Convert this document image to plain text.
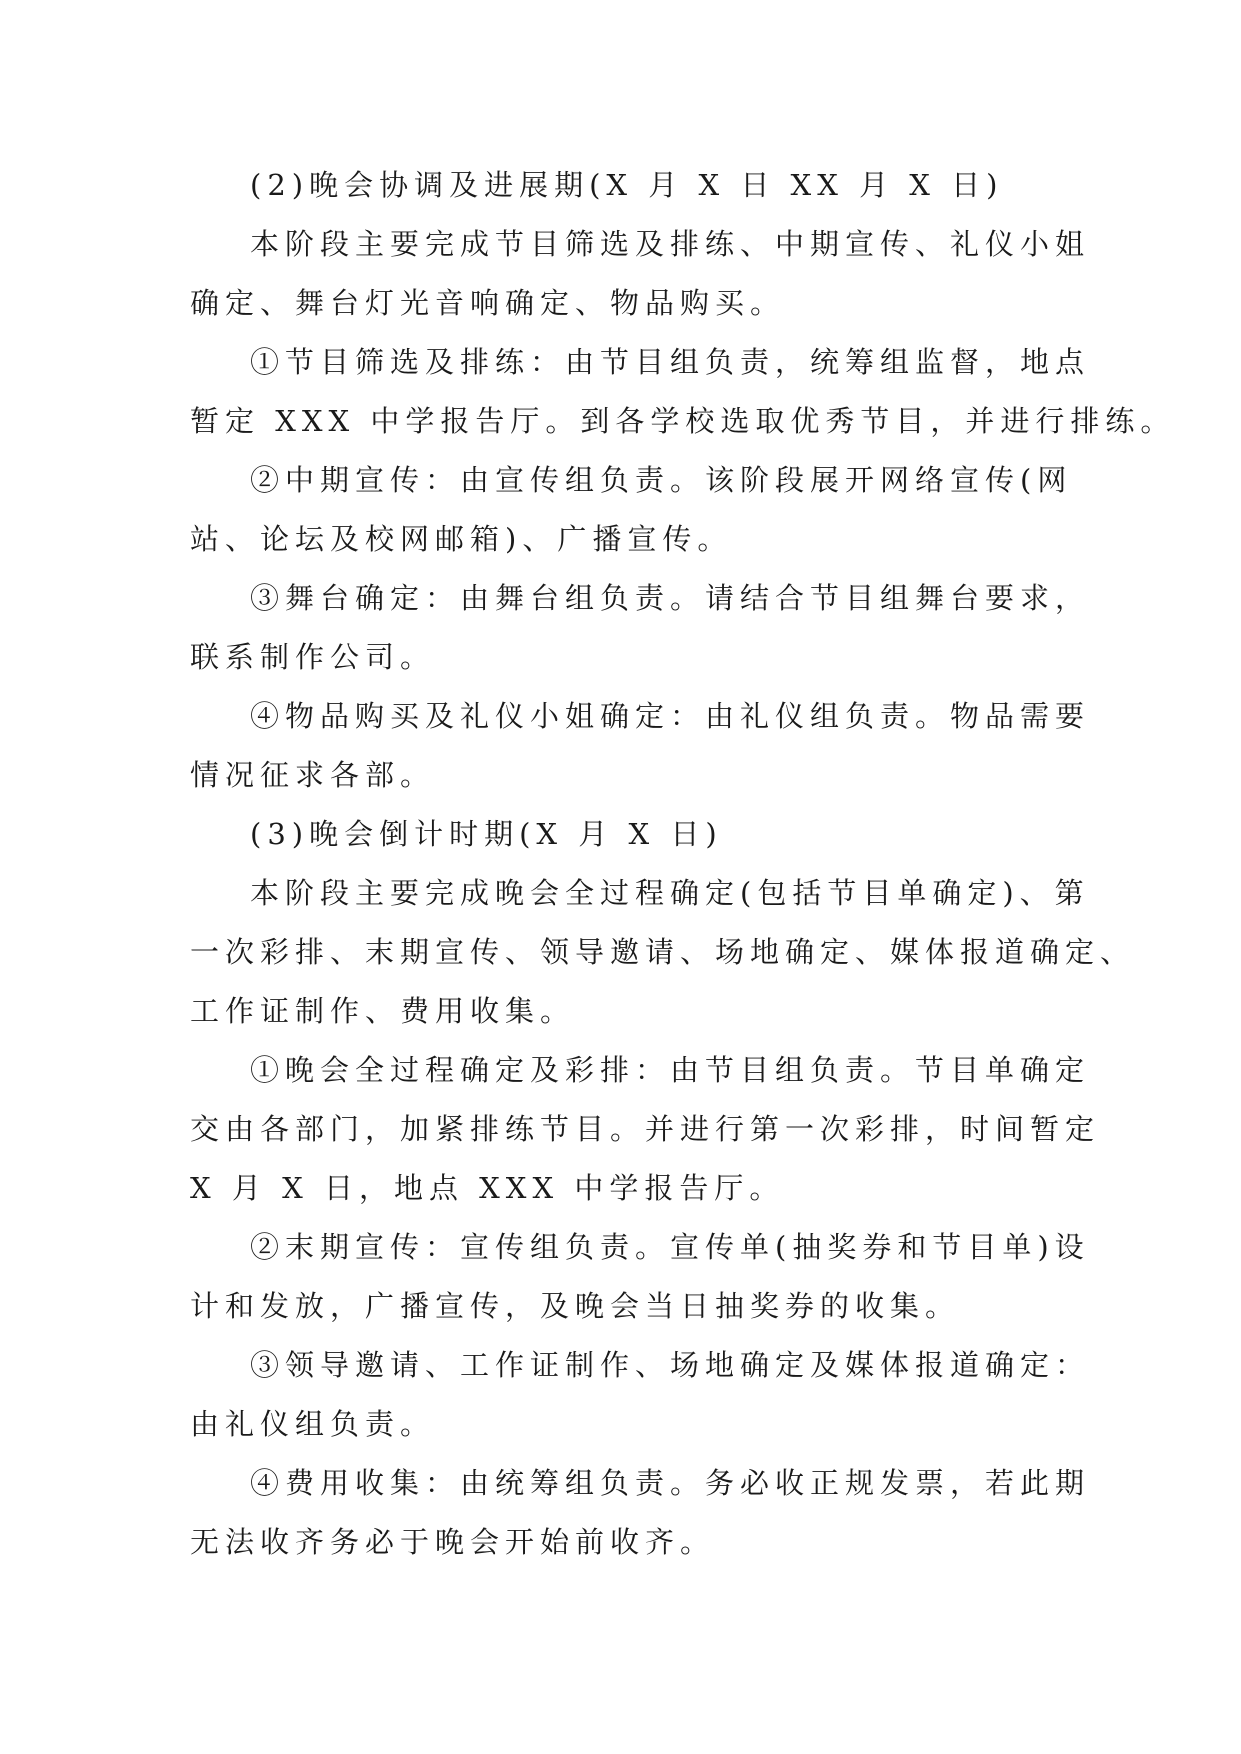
(2)晚会协调及进展期(X 月 X 日 XX 月 X 日)
本阶段主要完成节目筛选及排练、中期宣传、礼仪小姐
确定、舞台灯光音响确定、物品购买。
①节目筛选及排练：由节目组负责，统筹组监督，地点
暂定 XXX 中学报告厅。到各学校选取优秀节目，并进行排练。
②中期宣传：由宣传组负责。该阶段展开网络宣传(网
站、论坛及校网邮箱)、广播宣传。
③舞台确定：由舞台组负责。请结合节目组舞台要求，
联系制作公司。
④物品购买及礼仪小姐确定：由礼仪组负责。物品需要
情况征求各部。
(3)晚会倒计时期(X 月 X 日)
本阶段主要完成晚会全过程确定(包括节目单确定)、第
一次彩排、末期宣传、领导邀请、场地确定、媒体报道确定、
工作证制作、费用收集。
①晚会全过程确定及彩排：由节目组负责。节目单确定
交由各部门，加紧排练节目。并进行第一次彩排，时间暂定
X 月 X 日，地点 XXX 中学报告厅。
②末期宣传：宣传组负责。宣传单(抽奖券和节目单)设
计和发放，广播宣传，及晚会当日抽奖券的收集。
③领导邀请、工作证制作、场地确定及媒体报道确定：
由礼仪组负责。
④费用收集：由统筹组负责。务必收正规发票，若此期
无法收齐务必于晚会开始前收齐。
